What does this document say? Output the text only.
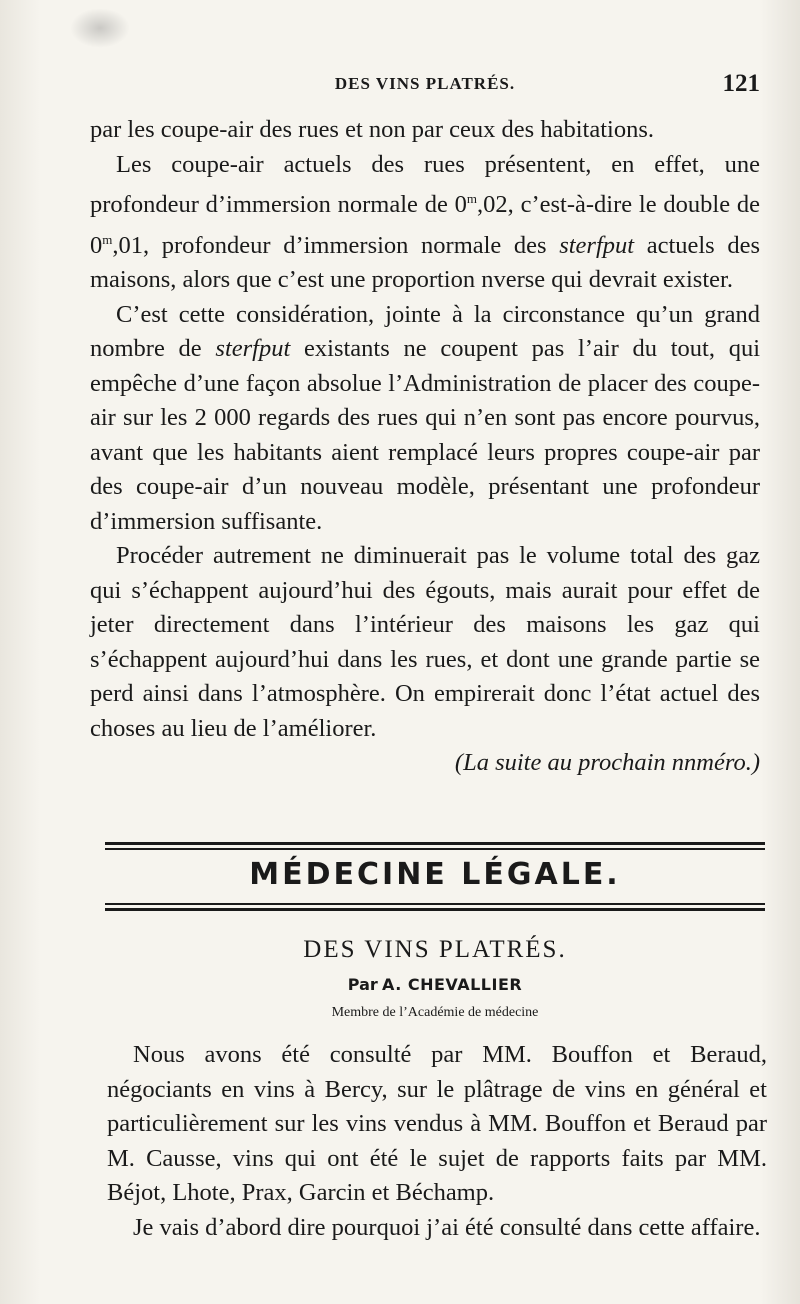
DES VINS PLATRÉS.	121

par les coupe-air des rues et non par ceux des habitations.

Les coupe-air actuels des rues présentent, en effet, une profondeur d’immersion normale de 0$^m$,02, c’est-à-dire le double de 0$^m$,01, profondeur d’immersion normale des sterfput actuels des maisons, alors que c’est une proportion nverse qui devrait exister.

C’est cette considération, jointe à la circonstance qu’un grand nombre de sterfput existants ne coupent pas l’air du tout, qui empêche d’une façon absolue l’Administration de placer des coupe-air sur les 2 000 regards des rues qui n’en sont pas encore pourvus, avant que les habitants aient remplacé leurs propres coupe-air par des coupe-air d’un nouveau modèle, présentant une profondeur d’immersion suffisante.

Procéder autrement ne diminuerait pas le volume total des gaz qui s’échappent aujourd’hui des égouts, mais aurait pour effet de jeter directement dans l’intérieur des maisons les gaz qui s’échappent aujourd’hui dans les rues, et dont une grande partie se perd ainsi dans l’atmosphère. On empirerait donc l’état actuel des choses au lieu de l’améliorer.

(La suite au prochain nnméro.)

MÉDECINE LÉGALE.
DES VINS PLATRÉS.
Par A. CHEVALLIER
Membre de l’Académie de médecine

Nous avons été consulté par MM. Bouffon et Beraud, négociants en vins à Bercy, sur le plâtrage de vins en général et particulièrement sur les vins vendus à MM. Bouffon et Beraud par M. Causse, vins qui ont été le sujet de rapports faits par MM. Béjot, Lhote, Prax, Garcin et Béchamp.

Je vais d’abord dire pourquoi j’ai été consulté dans cette affaire.
